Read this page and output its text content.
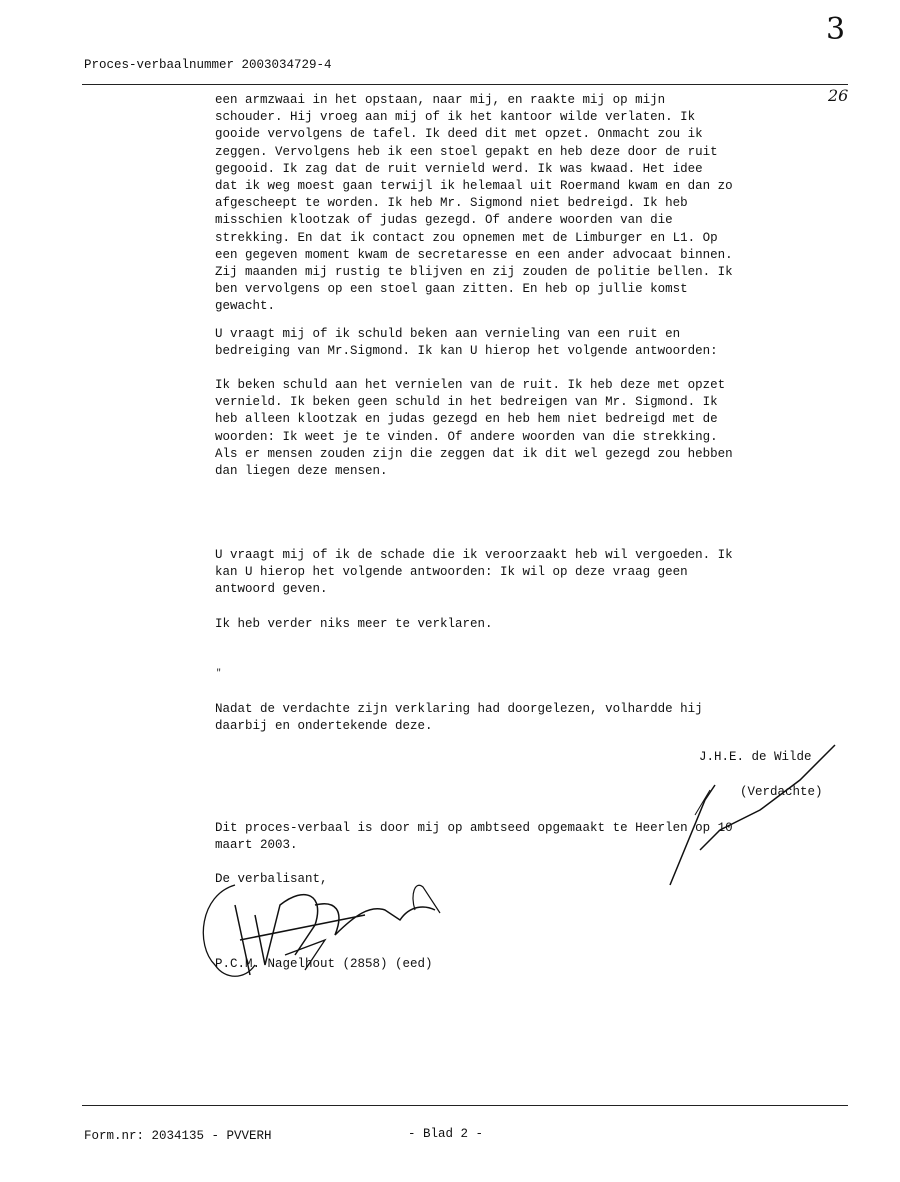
3
26
Proces-verbaalnummer 2003034729-4
een armzwaai in het opstaan, naar mij, en raakte mij op mijn
schouder. Hij vroeg aan mij of ik het kantoor wilde verlaten. Ik
gooide vervolgens de tafel. Ik deed dit met opzet. Onmacht zou ik
zeggen. Vervolgens heb ik een stoel gepakt en heb deze door de ruit
gegooid. Ik zag dat de ruit vernield werd. Ik was kwaad. Het idee
dat ik weg moest gaan terwijl ik helemaal uit Roermand kwam en dan zo
afgescheept te worden. Ik heb Mr. Sigmond niet bedreigd. Ik heb
misschien klootzak of judas gezegd. Of andere woorden van die
strekking. En dat ik contact zou opnemen met de Limburger en L1. Op
een gegeven moment kwam de secretaresse en een ander advocaat binnen.
Zij maanden mij rustig te blijven en zij zouden de politie bellen. Ik
ben vervolgens op een stoel gaan zitten. En heb op jullie komst
gewacht.
U vraagt mij of ik schuld beken aan vernieling van een ruit en
bedreiging van Mr.Sigmond. Ik kan U hierop het volgende antwoorden:
Ik beken schuld aan het vernielen van de ruit. Ik heb deze met opzet
vernield. Ik beken geen schuld in het bedreigen van Mr. Sigmond. Ik
heb alleen klootzak en judas gezegd en heb hem niet bedreigd met de
woorden: Ik weet je te vinden. Of andere woorden van die strekking.
Als er mensen zouden zijn die zeggen dat ik dit wel gezegd zou hebben
dan liegen deze mensen.
U vraagt mij of ik de schade die ik veroorzaakt heb wil vergoeden. Ik
kan U hierop het volgende antwoorden: Ik wil op deze vraag geen
antwoord geven.
Ik heb verder niks meer te verklaren.
"
Nadat de verdachte zijn verklaring had doorgelezen, volhardde hij
daarbij en ondertekende deze.
J.H.E. de Wilde
(Verdachte)
Dit proces-verbaal is door mij op ambtseed opgemaakt te Heerlen op 10
maart 2003.
De verbalisant,
P.C.M. Nagelhout (2858) (eed)
Form.nr: 2034135 - PVVERH	- Blad 2 -
